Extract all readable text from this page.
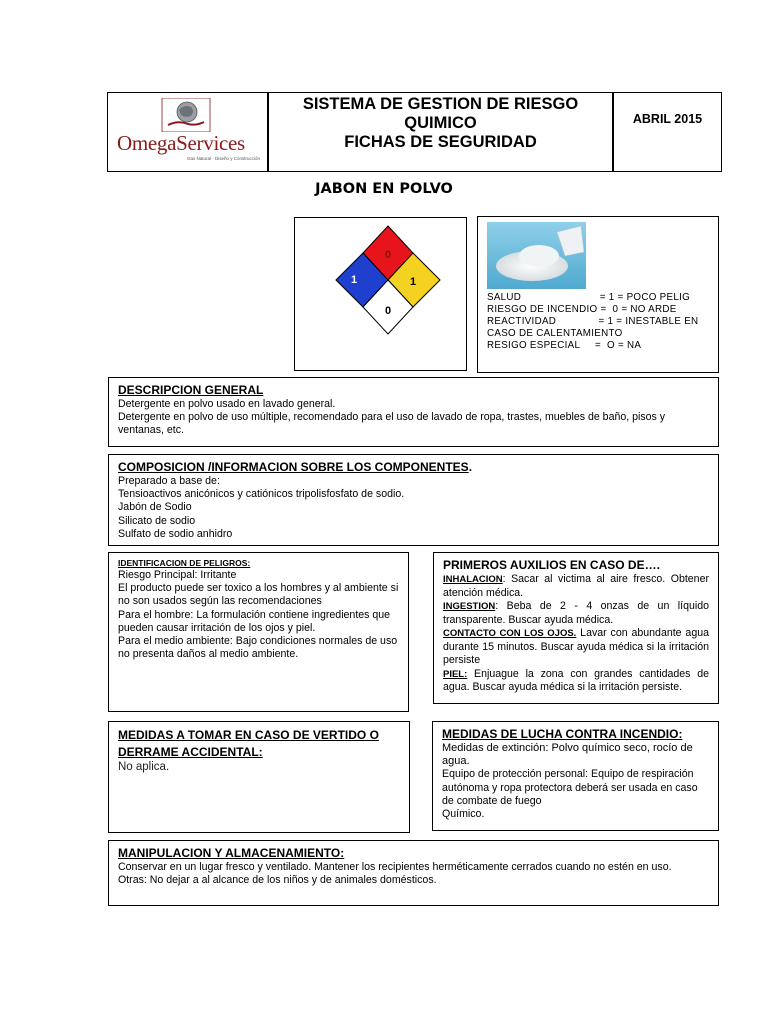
OmegaServices
Gas Natural · Diseño y Construcción
SISTEMA DE GESTION DE RIESGO
QUIMICO
FICHAS DE SEGURIDAD
ABRIL 2015
JABON EN POLVO
0
1	1
0
SALUD                          = 1 = POCO PELIG
RIESGO DE INCENDIO =  0 = NO ARDE
REACTIVIDAD              = 1 = INESTABLE EN
CASO DE CALENTAMIENTO
RESIGO ESPECIAL     =  O = NA
DESCRIPCION GENERAL
Detergente en polvo usado en lavado general.
Detergente en polvo de uso múltiple, recomendado para el uso de lavado de ropa, trastes, muebles de baño, pisos y ventanas, etc.
COMPOSICION /INFORMACION SOBRE LOS COMPONENTES.
Preparado a base de:
Tensioactivos anicónicos y catiónicos tripolisfosfato de sodio.
Jabón de Sodio
Silicato de sodio
Sulfato de sodio anhidro
IDENTIFICACION DE PELIGROS:
Riesgo Principal: Irritante
El producto puede ser toxico a los hombres y al ambiente si no son usados según las recomendaciones
Para el hombre: La formulación contiene ingredientes que pueden causar irritación de los ojos y piel.
Para el medio ambiente: Bajo condiciones normales de uso no presenta daños al medio ambiente.
PRIMEROS AUXILIOS EN CASO DE….
INHALACION: Sacar al victima al aire fresco. Obtener atención médica.
INGESTION: Beba de 2 - 4 onzas de un líquido transparente. Buscar ayuda médica.
CONTACTO CON LOS OJOS. Lavar con abundante agua durante 15 minutos. Buscar ayuda médica si la irritación persiste
PIEL: Enjuague la zona con grandes cantidades de agua. Buscar ayuda médica si la irritación persiste.
MEDIDAS A TOMAR EN CASO DE VERTIDO O DERRAME ACCIDENTAL:
No aplica.
MEDIDAS DE LUCHA CONTRA INCENDIO:
Medidas de extinción: Polvo químico seco, rocío de agua.
Equipo de protección personal: Equipo de respiración autónoma y ropa protectora deberá ser usada en caso de combate de fuego
Químico.
MANIPULACION Y ALMACENAMIENTO:
Conservar en un lugar fresco y ventilado. Mantener los recipientes herméticamente cerrados cuando no estén en uso.
Otras: No dejar a al alcance de los niños y de animales domésticos.
